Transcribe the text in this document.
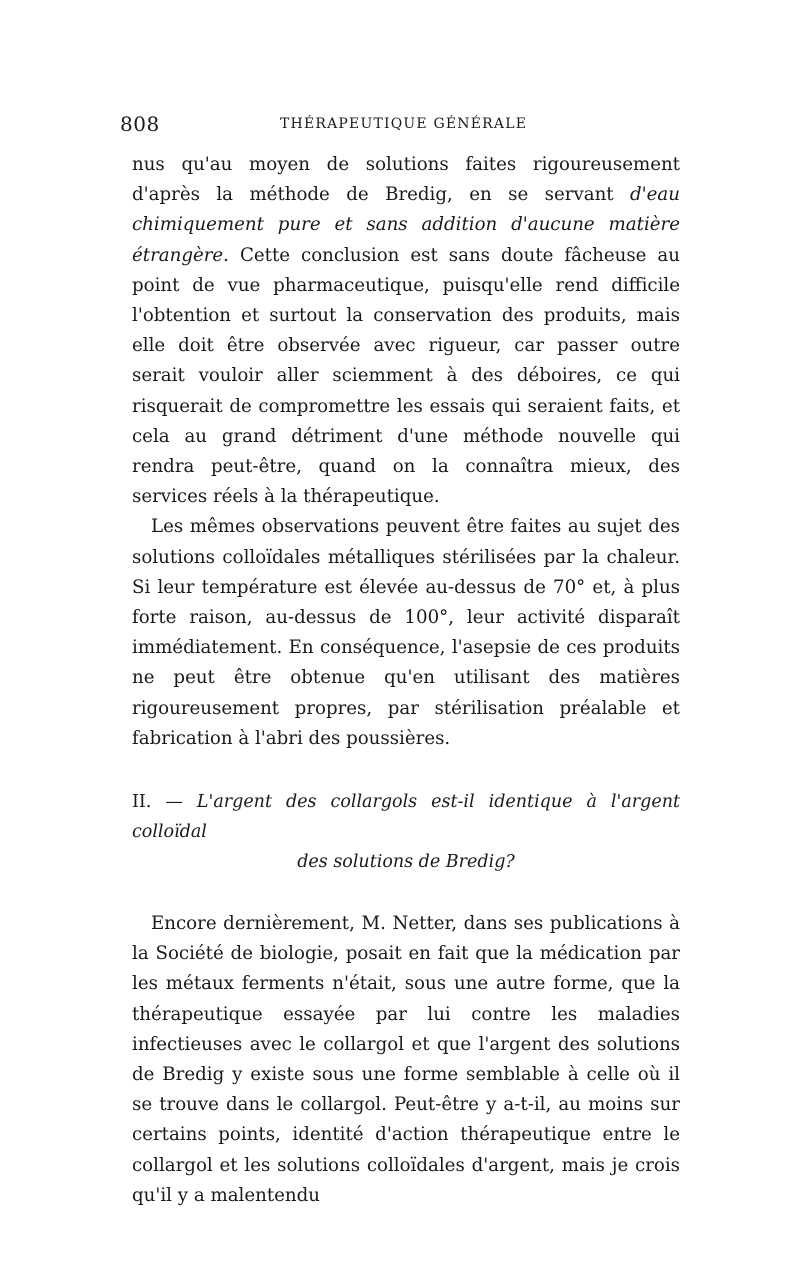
808	THÉRAPEUTIQUE GÉNÉRALE

nus qu'au moyen de solutions faites rigoureusement d'après la méthode de Bredig, en se servant d'eau chimiquement pure et sans addition d'aucune matière étrangère. Cette conclusion est sans doute fâcheuse au point de vue pharmaceutique, puisqu'elle rend difficile l'obtention et surtout la conservation des produits, mais elle doit être observée avec rigueur, car passer outre serait vouloir aller sciemment à des déboires, ce qui risquerait de compromettre les essais qui seraient faits, et cela au grand détriment d'une méthode nouvelle qui rendra peut-être, quand on la connaîtra mieux, des services réels à la thérapeutique.

Les mêmes observations peuvent être faites au sujet des solutions colloïdales métalliques stérilisées par la chaleur. Si leur température est élevée au-dessus de 70° et, à plus forte raison, au-dessus de 100°, leur activité disparaît immédiatement. En conséquence, l'asepsie de ces produits ne peut être obtenue qu'en utilisant des matières rigoureusement propres, par stérilisation préalable et fabrication à l'abri des poussières.

II. — L'argent des collargols est-il identique à l'argent colloïdal
des solutions de Bredig?

Encore dernièrement, M. Netter, dans ses publications à la Société de biologie, posait en fait que la médication par les métaux ferments n'était, sous une autre forme, que la thérapeutique essayée par lui contre les maladies infectieuses avec le collargol et que l'argent des solutions de Bredig y existe sous une forme semblable à celle où il se trouve dans le collargol. Peut-être y a-t-il, au moins sur certains points, identité d'action thérapeutique entre le collargol et les solutions colloïdales d'argent, mais je crois qu'il y a malentendu
